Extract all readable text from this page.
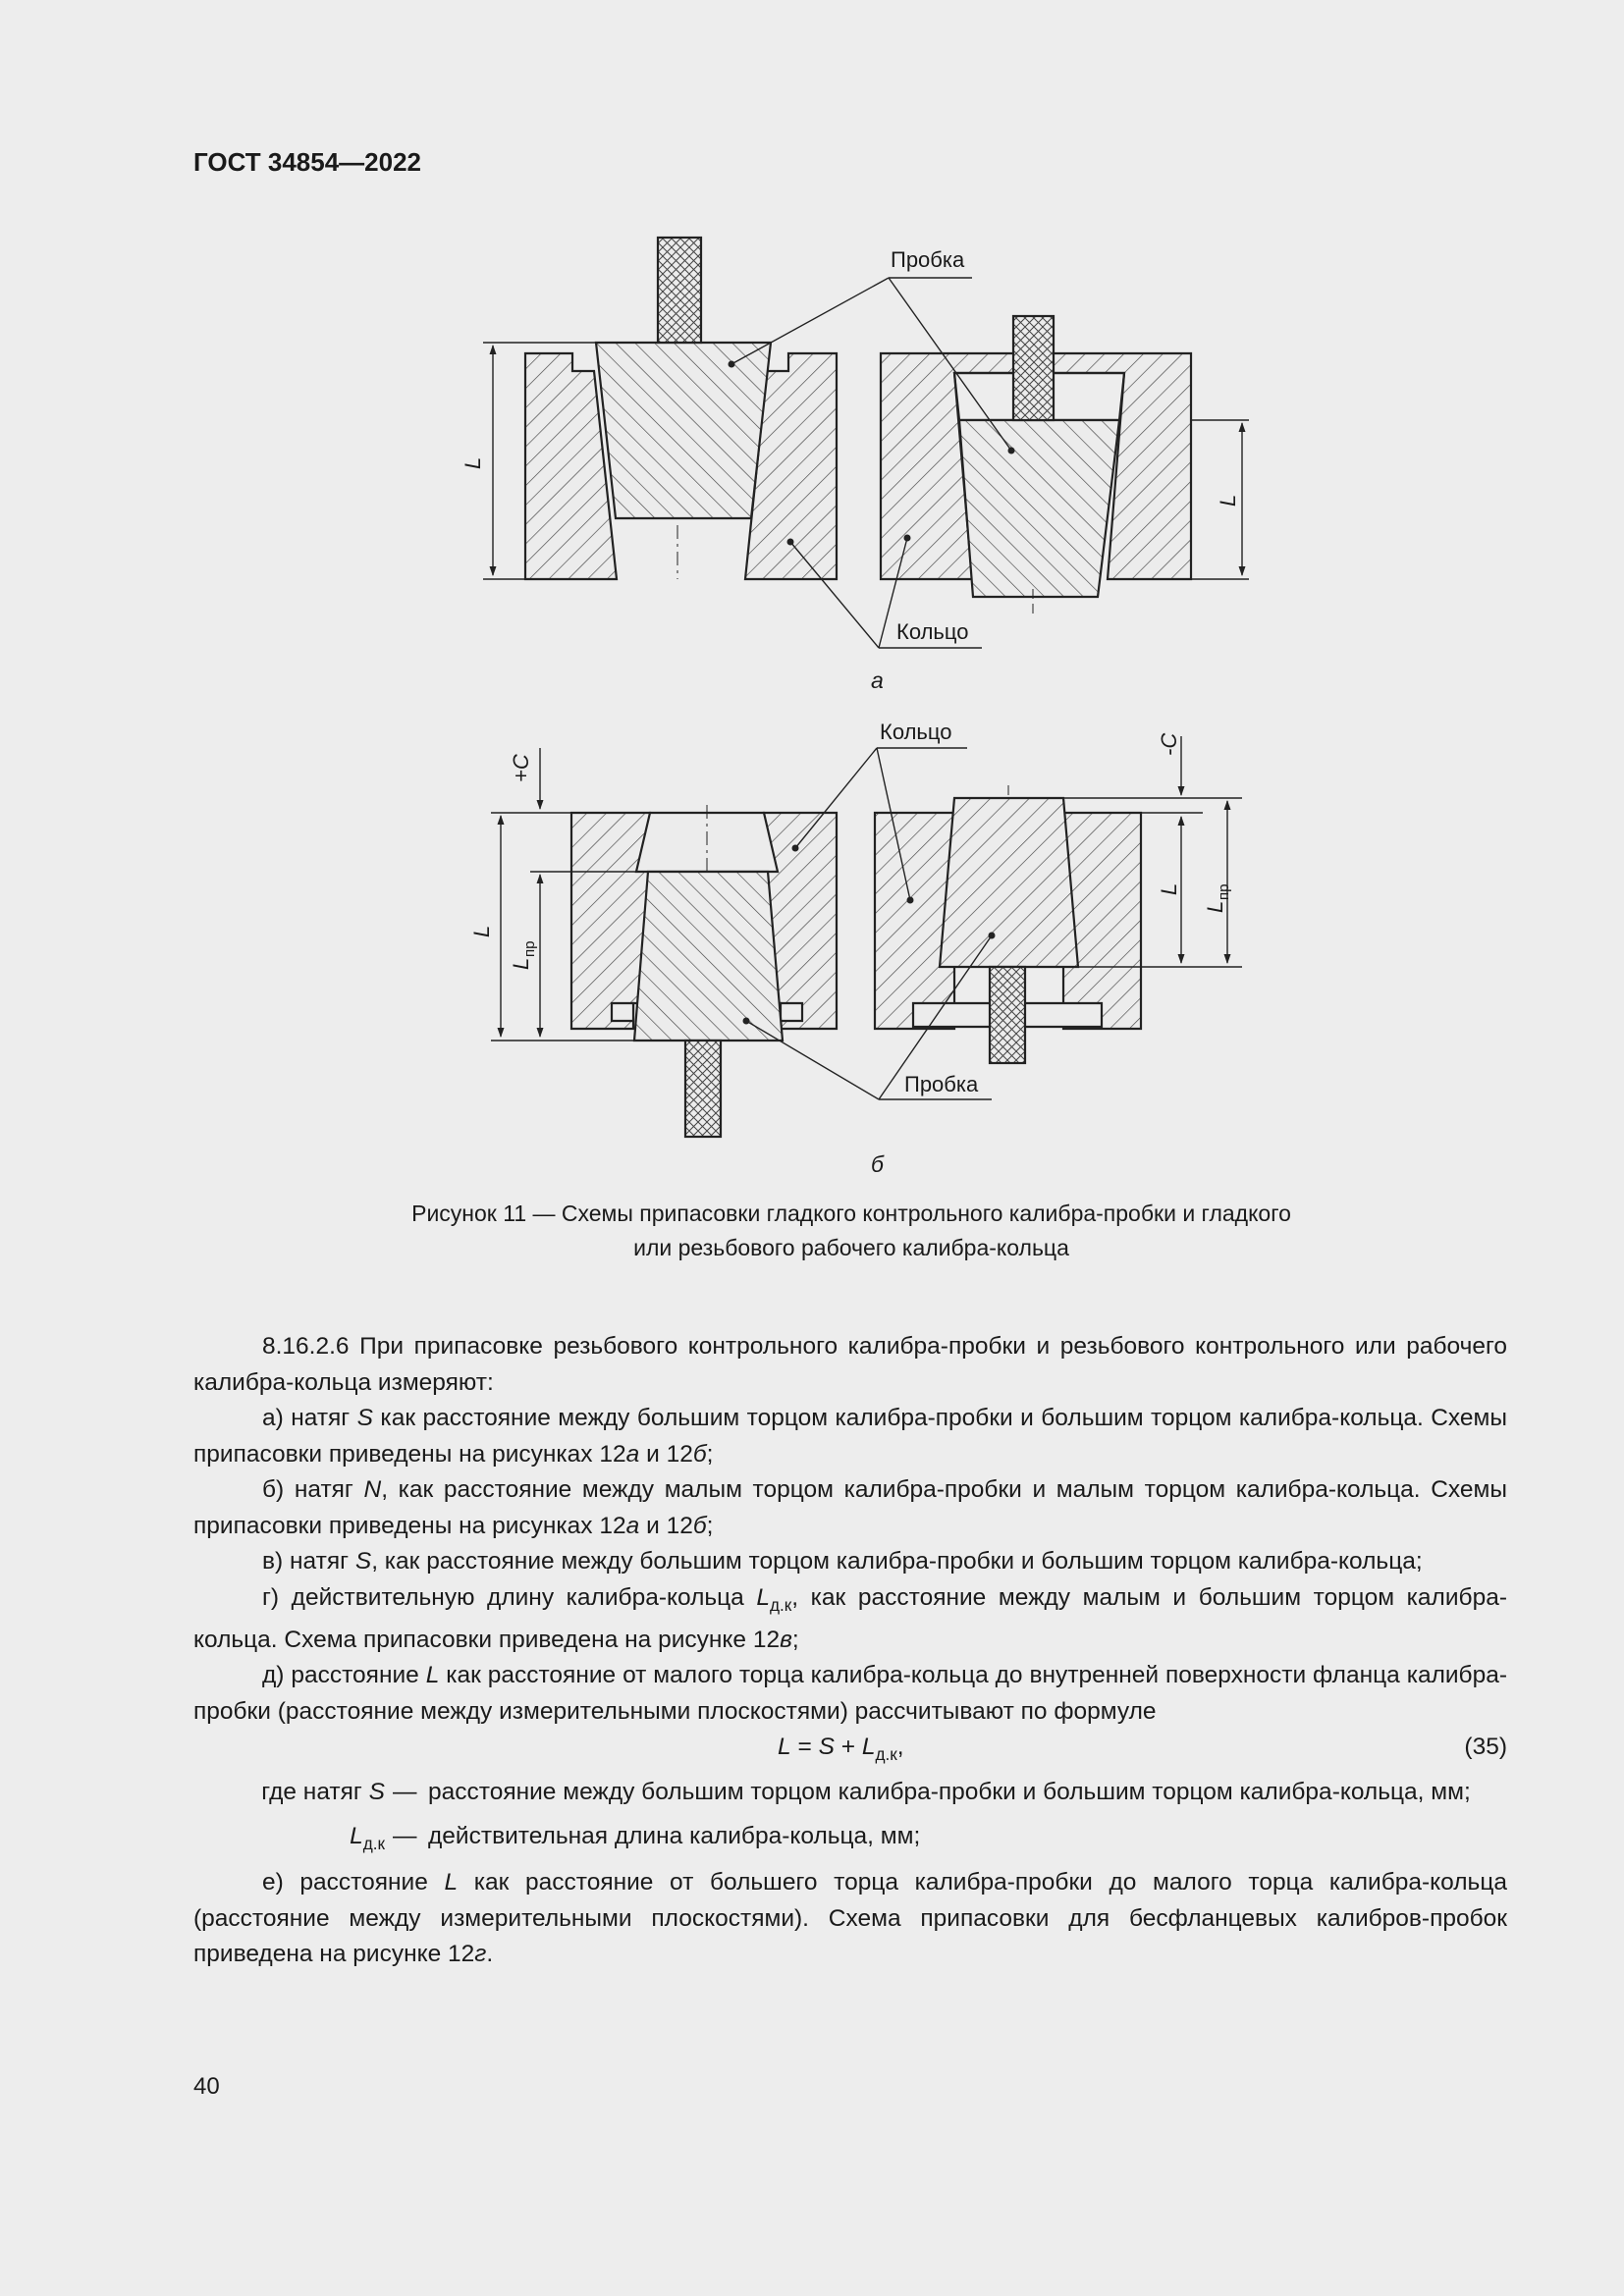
ГОСТ 34854—2022
Пробка
Кольцо
Кольцо
Пробка
L
L
L
L
пр
+C
-C
L
L
пр
а
б
Рисунок 11 — Схемы припасовки гладкого контрольного калибра-пробки и гладкого
или резьбового рабочего калибра-кольца

8.16.2.6 При припасовке резьбового контрольного калибра-пробки и резьбового контрольного или рабочего калибра-кольца измеряют:

а) натяг S как расстояние между большим торцом калибра-пробки и большим торцом калибра-кольца. Схемы припасовки приведены на рисунках 12а и 12б;

б) натяг N, как расстояние между малым торцом калибра-пробки и малым торцом калибра-кольца. Схемы припасовки приведены на рисунках 12а и 12б;

в) натяг S, как расстояние между большим торцом калибра-пробки и большим торцом калибра-кольца;

г) действительную длину калибра-кольца $L_{д.к}$, как расстояние между малым и большим торцом калибра-кольца. Схема припасовки приведена на рисунке 12в;

д) расстояние L как расстояние от малого торца калибра-кольца до внутренней поверхности фланца калибра-пробки (расстояние между измерительными плоскостями) рассчитывают по формуле

$L = S + L_{д.к}$,	(35)
где натяг S	—	расстояние между большим торцом калибра-пробки и большим торцом калибра-кольца, мм;
$L_{д.к}$	—	действительная длина калибра-кольца, мм;

е) расстояние L как расстояние от большего торца калибра-пробки до малого торца калибра-кольца (расстояние между измерительными плоскостями). Схема припасовки для бесфланцевых калибров-пробок приведена на рисунке 12г.

40
